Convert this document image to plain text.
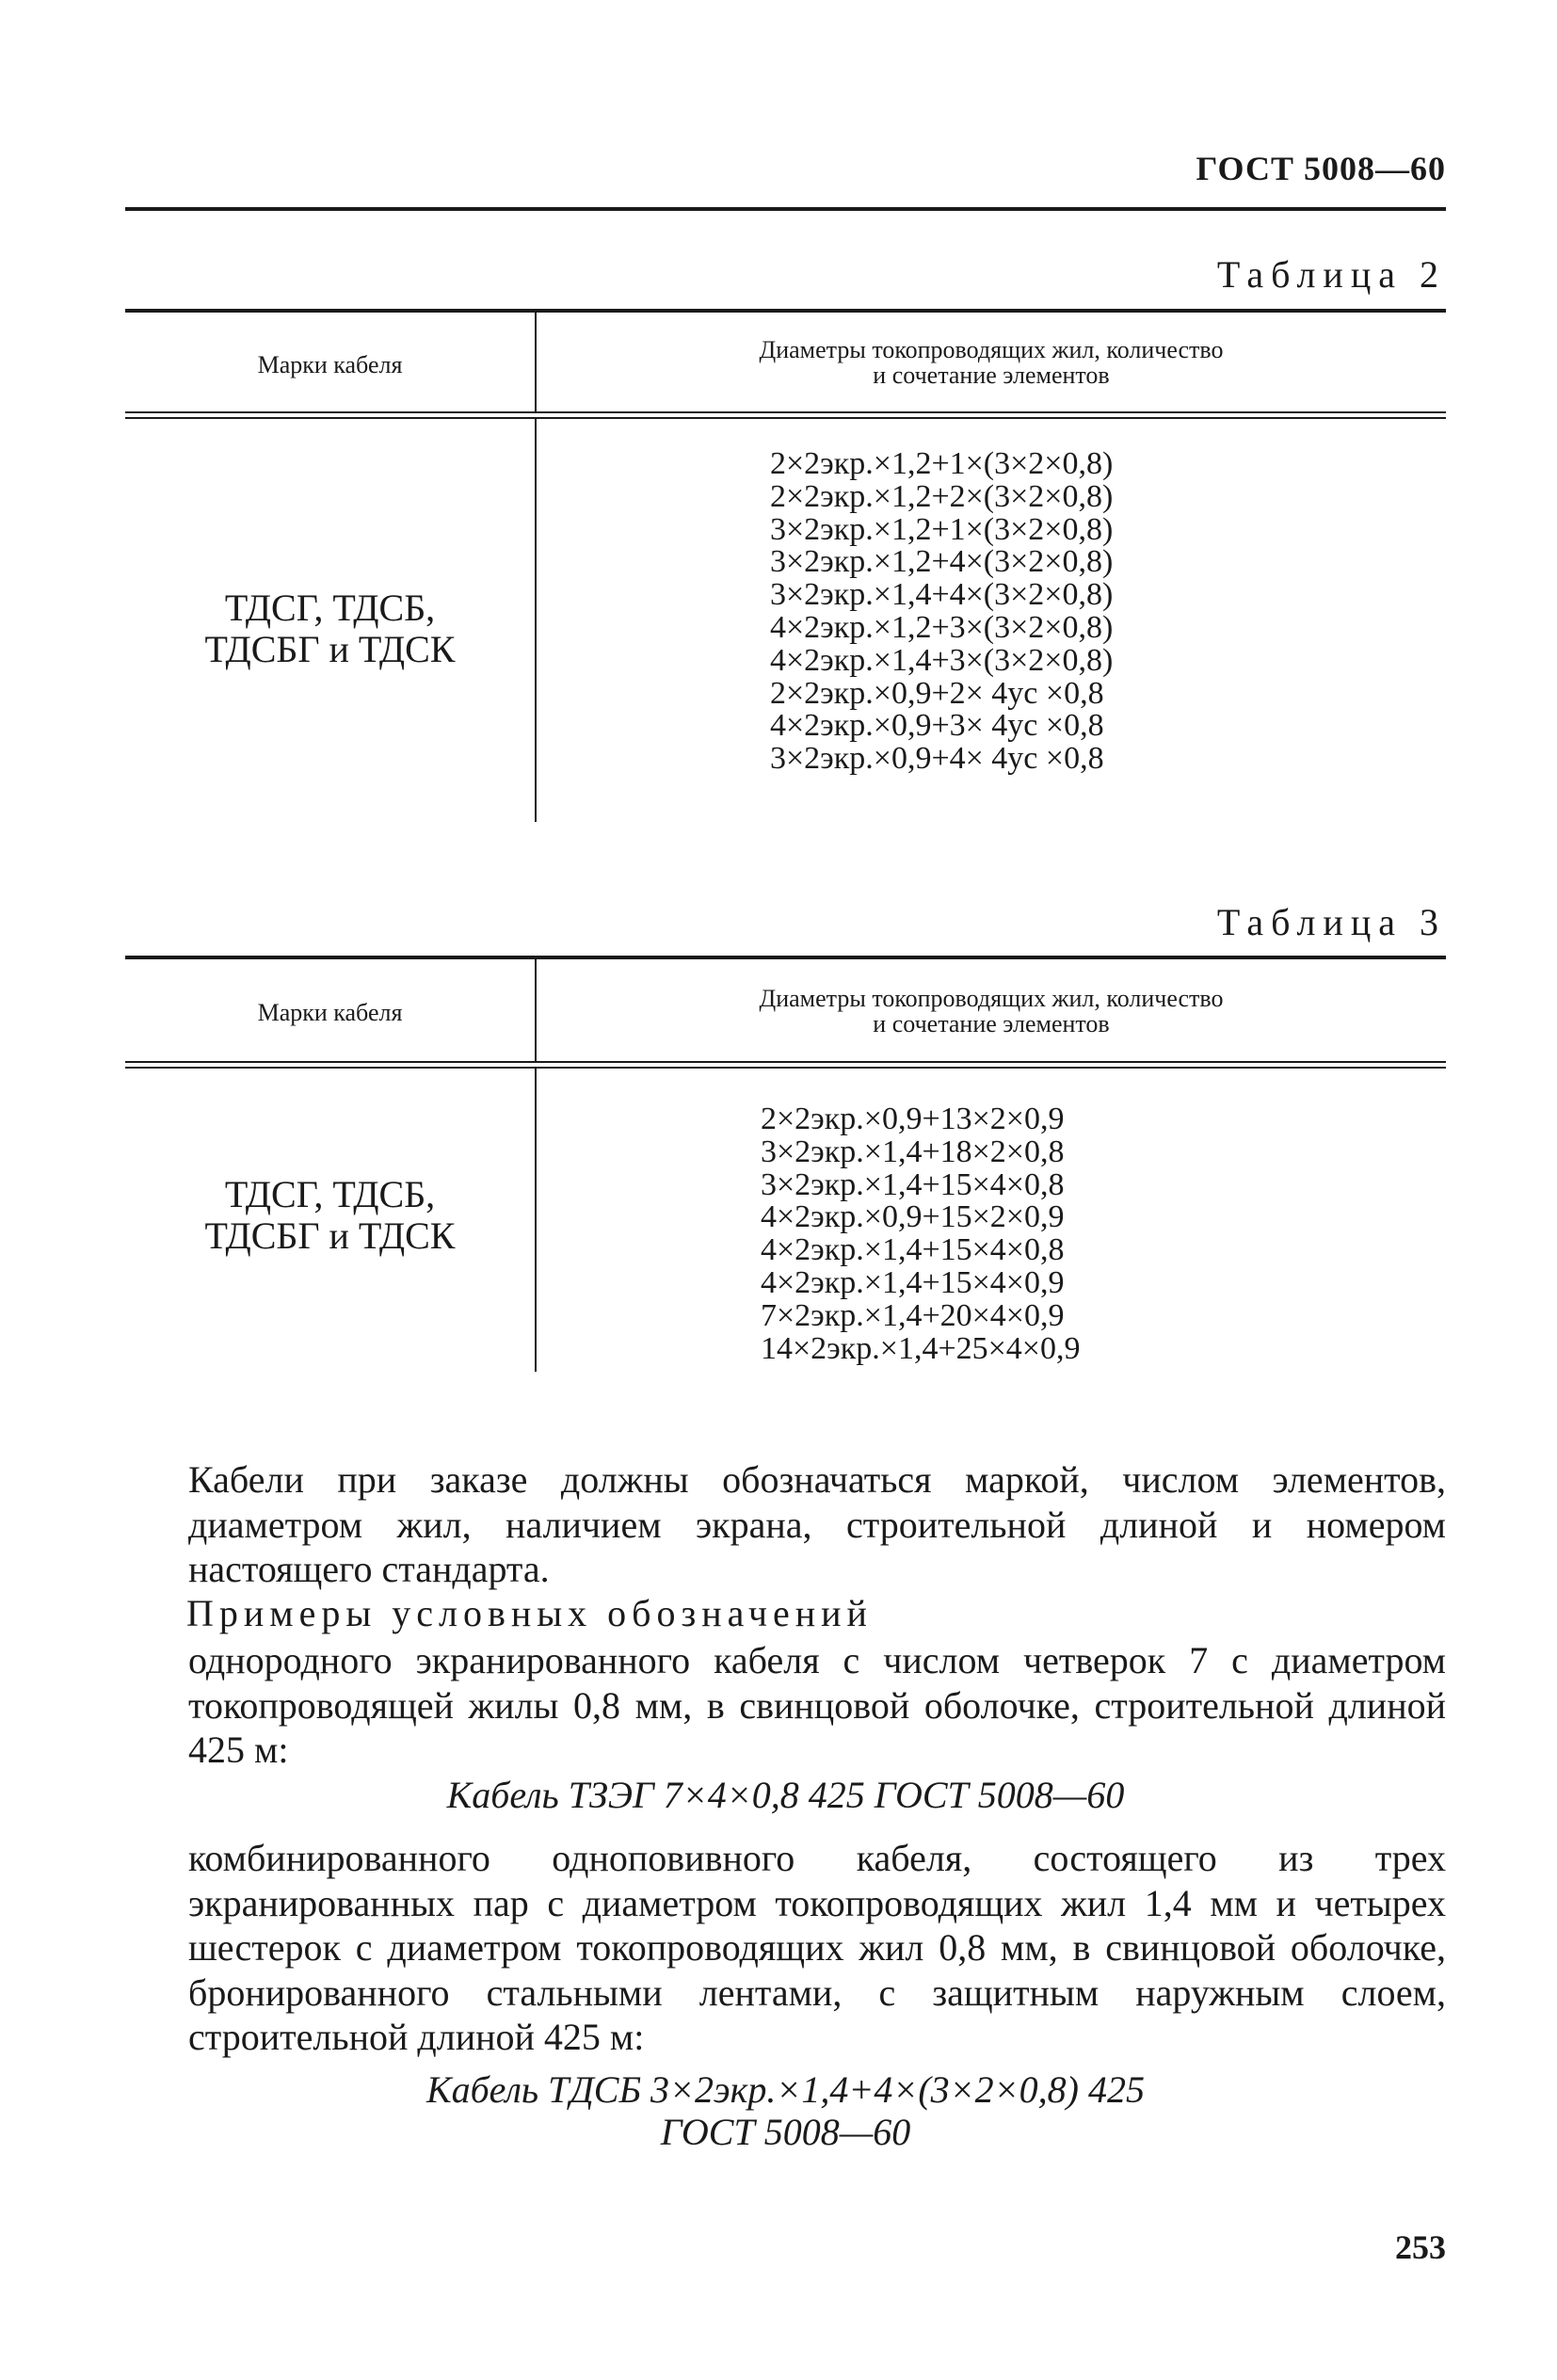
ГОСТ 5008—60
Таблица 2
Марки кабеля
Диаметры токопроводящих жил, количество
и сочетание элементов
ТДСГ, ТДСБ,
ТДСБГ и ТДСК
2×2экр.×1,2+1×(3×2×0,8)
2×2экр.×1,2+2×(3×2×0,8)
3×2экр.×1,2+1×(3×2×0,8)
3×2экр.×1,2+4×(3×2×0,8)
3×2экр.×1,4+4×(3×2×0,8)
4×2экр.×1,2+3×(3×2×0,8)
4×2экр.×1,4+3×(3×2×0,8)
2×2экр.×0,9+2× 4ус ×0,8
4×2экр.×0,9+3× 4ус ×0,8
3×2экр.×0,9+4× 4ус ×0,8
Таблица 3
Марки кабеля
Диаметры токопроводящих жил, количество
и сочетание элементов
ТДСГ, ТДСБ,
ТДСБГ и ТДСК
2×2экр.×0,9+13×2×0,9
3×2экр.×1,4+18×2×0,8
3×2экр.×1,4+15×4×0,8
4×2экр.×0,9+15×2×0,9
4×2экр.×1,4+15×4×0,8
4×2экр.×1,4+15×4×0,9
7×2экр.×1,4+20×4×0,9
14×2экр.×1,4+25×4×0,9
Кабели при заказе должны обозначаться маркой, числом элементов, диаметром жил, наличием экрана, строительной длиной и номером настоящего стандарта.
Примеры условных обозначений
однородного экранированного кабеля с числом четверок 7 с диаметром токопроводящей жилы 0,8 мм, в свинцовой оболочке, строительной длиной 425 м:
Кабель ТЗЭГ 7×4×0,8 425 ГОСТ 5008—60
комбинированного одноповивного кабеля, состоящего из трех экранированных пар с диаметром токопроводящих жил 1,4 мм и четырех шестерок с диаметром токопроводящих жил 0,8 мм, в свинцовой оболочке, бронированного стальными лентами, с защитным наружным слоем, строительной длиной 425 м:
Кабель ТДСБ 3×2экр.×1,4+4×(3×2×0,8) 425
ГОСТ 5008—60
253
